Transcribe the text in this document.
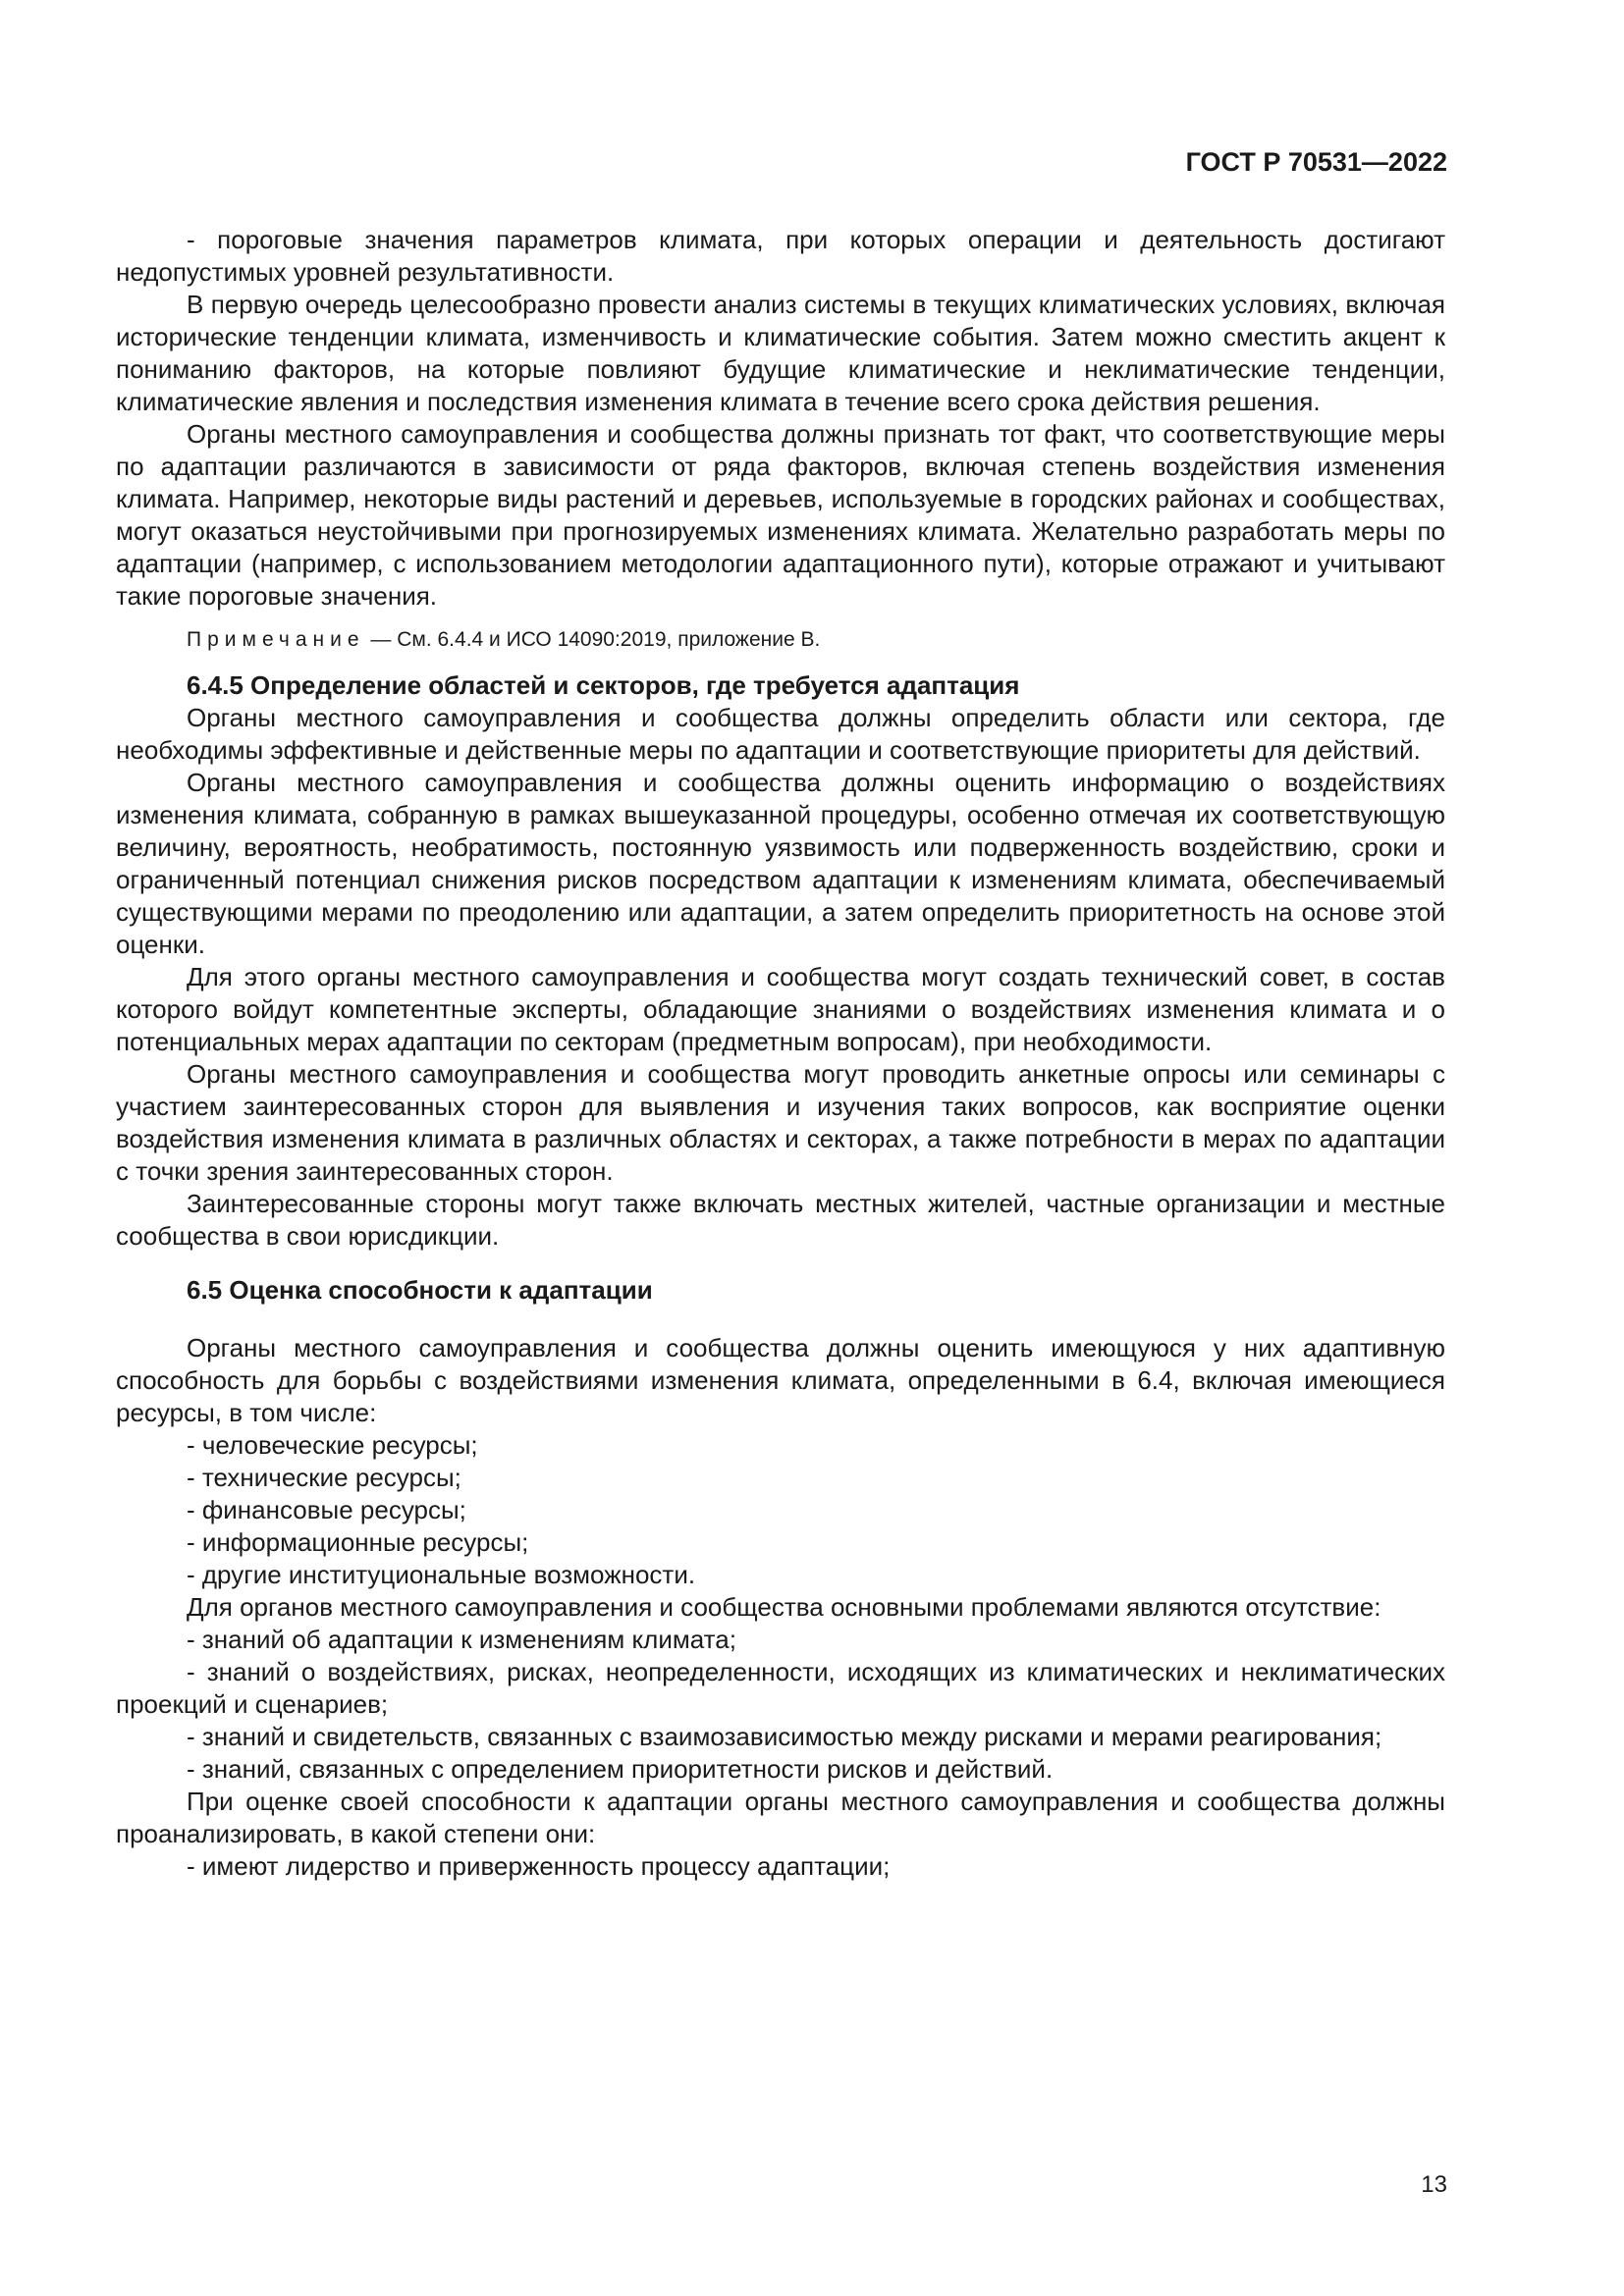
ГОСТ Р 70531—2022

- пороговые значения параметров климата, при которых операции и деятельность достигают недопустимых уровней результативности.

В первую очередь целесообразно провести анализ системы в текущих климатических условиях, включая исторические тенденции климата, изменчивость и климатические события. Затем можно сместить акцент к пониманию факторов, на которые повлияют будущие климатические и неклиматические тенденции, климатические явления и последствия изменения климата в течение всего срока действия решения.

Органы местного самоуправления и сообщества должны признать тот факт, что соответствующие меры по адаптации различаются в зависимости от ряда факторов, включая степень воздействия изменения климата. Например, некоторые виды растений и деревьев, используемые в городских районах и сообществах, могут оказаться неустойчивыми при прогнозируемых изменениях климата. Желательно разработать меры по адаптации (например, с использованием методологии адаптационного пути), которые отражают и учитывают такие пороговые значения.

Примечание — См. 6.4.4 и ИСО 14090:2019, приложение В.

6.4.5 Определение областей и секторов, где требуется адаптация

Органы местного самоуправления и сообщества должны определить области или сектора, где необходимы эффективные и действенные меры по адаптации и соответствующие приоритеты для действий.

Органы местного самоуправления и сообщества должны оценить информацию о воздействиях изменения климата, собранную в рамках вышеуказанной процедуры, особенно отмечая их соответствующую величину, вероятность, необратимость, постоянную уязвимость или подверженность воздействию, сроки и ограниченный потенциал снижения рисков посредством адаптации к изменениям климата, обеспечиваемый существующими мерами по преодолению или адаптации, а затем определить приоритетность на основе этой оценки.

Для этого органы местного самоуправления и сообщества могут создать технический совет, в состав которого войдут компетентные эксперты, обладающие знаниями о воздействиях изменения климата и о потенциальных мерах адаптации по секторам (предметным вопросам), при необходимости.

Органы местного самоуправления и сообщества могут проводить анкетные опросы или семинары с участием заинтересованных сторон для выявления и изучения таких вопросов, как восприятие оценки воздействия изменения климата в различных областях и секторах, а также потребности в мерах по адаптации с точки зрения заинтересованных сторон.

Заинтересованные стороны могут также включать местных жителей, частные организации и местные сообщества в свои юрисдикции.

6.5 Оценка способности к адаптации

Органы местного самоуправления и сообщества должны оценить имеющуюся у них адаптивную способность для борьбы с воздействиями изменения климата, определенными в 6.4, включая имеющиеся ресурсы, в том числе:

- человеческие ресурсы;

- технические ресурсы;

- финансовые ресурсы;

- информационные ресурсы;

- другие институциональные возможности.

Для органов местного самоуправления и сообщества основными проблемами являются отсутствие:

- знаний об адаптации к изменениям климата;

- знаний о воздействиях, рисках, неопределенности, исходящих из климатических и неклиматических проекций и сценариев;

- знаний и свидетельств, связанных с взаимозависимостью между рисками и мерами реагирования;

- знаний, связанных с определением приоритетности рисков и действий.

При оценке своей способности к адаптации органы местного самоуправления и сообщества должны проанализировать, в какой степени они:

- имеют лидерство и приверженность процессу адаптации;

13
